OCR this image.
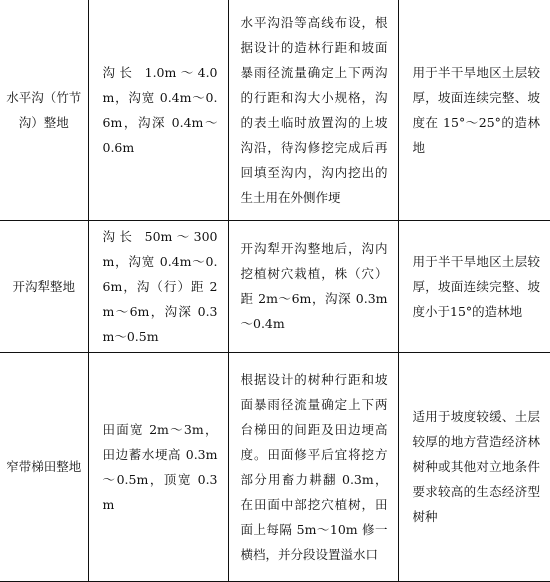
水平沟（竹节沟）整地	沟长 1.0m～4.0m，沟宽 0.4m～0.6m，沟深 0.4m～0.6m	水平沟沿等高线布设，根据设计的造林行距和坡面暴雨径流量确定上下两沟的行距和沟大小规格，沟的表土临时放置沟的上坡沟沿，待沟修挖完成后再回填至沟内，沟内挖出的生土用在外侧作埂	用于半干旱地区土层较厚，坡面连续完整、坡度在 15°～25°的造林地
开沟犁整地	沟长 50m～300m，沟宽 0.4m～0.6m，沟（行）距 2m～6m，沟深 0.3m～0.5m	开沟犁开沟整地后，沟内挖植树穴栽植，株（穴）距 2m～6m，沟深 0.3m～0.4m	用于半干旱地区土层较厚，坡面连续完整、坡度小于15°的造林地
窄带梯田整地	田面宽 2m～3m，田边蓄水埂高 0.3m～0.5m，顶宽 0.3m	根据设计的树种行距和坡面暴雨径流量确定上下两台梯田的间距及田边埂高度。田面修平后宜将挖方部分用畜力耕翻 0.3m，在田面中部挖穴植树，田面上每隔 5m～10m 修一横档，并分段设置溢水口	适用于坡度较缓、土层较厚的地方营造经济林树种或其他对立地条件要求较高的生态经济型树种
